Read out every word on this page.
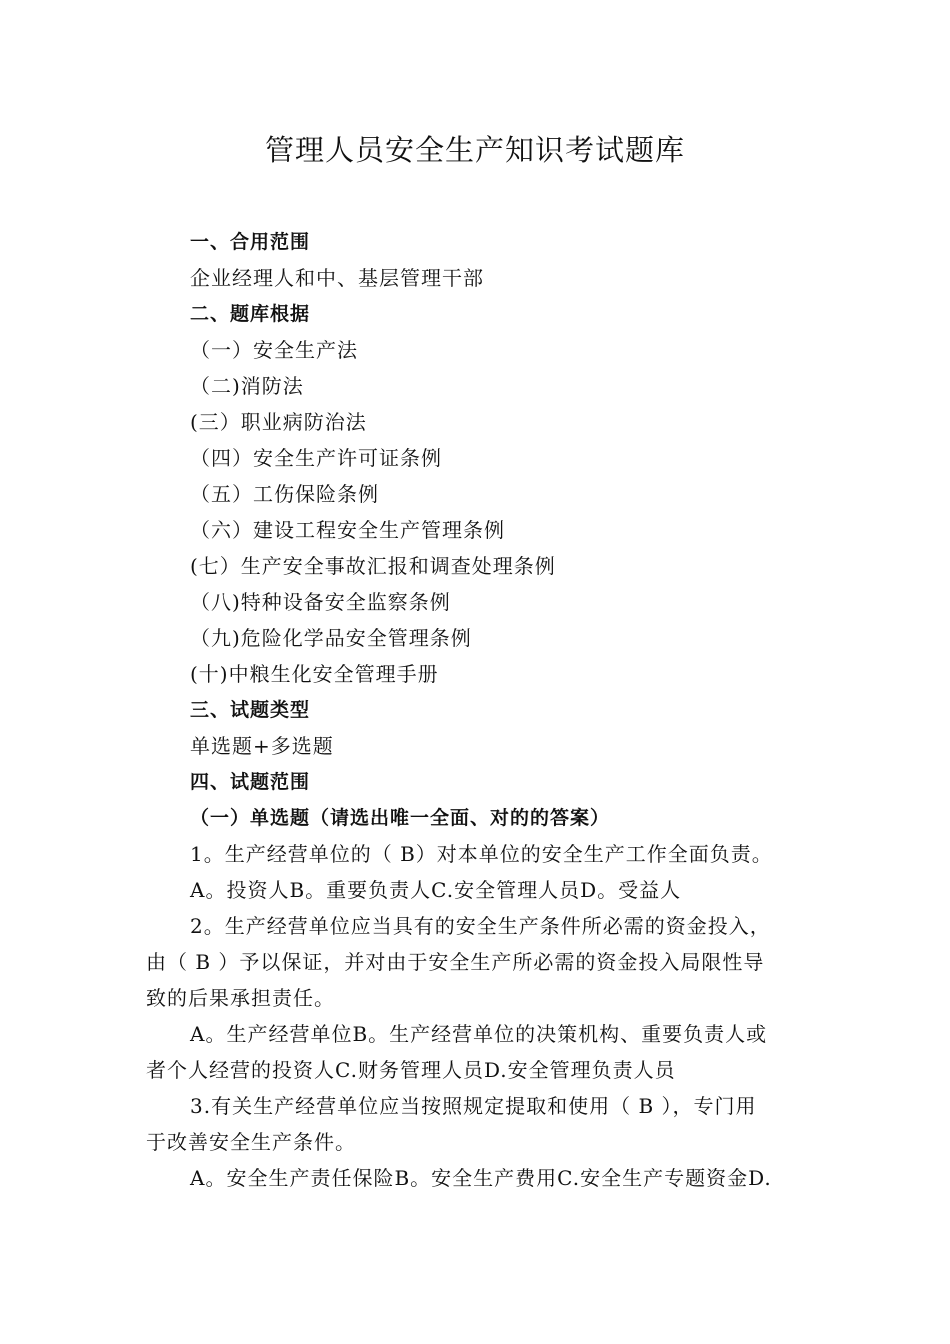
管理人员安全生产知识考试题库
一、合用范围
企业经理人和中、基层管理干部
二、题库根据
（一）安全生产法
（二)消防法
(三）职业病防治法
（四）安全生产许可证条例
（五）工伤保险条例
（六）建设工程安全生产管理条例
(七）生产安全事故汇报和调查处理条例
（八)特种设备安全监察条例
（九)危险化学品安全管理条例
(十)中粮生化安全管理手册
三、试题类型
单选题+多选题
四、试题范围
（一）单选题（请选出唯一全面、对的的答案）
1。生产经营单位的（ B）对本单位的安全生产工作全面负责。
A。投资人B。重要负责人C.安全管理人员D。受益人
2。生产经营单位应当具有的安全生产条件所必需的资金投入，
由（ B ）予以保证，并对由于安全生产所必需的资金投入局限性导
致的后果承担责任。
A。生产经营单位B。生产经营单位的决策机构、重要负责人或
者个人经营的投资人C.财务管理人员D.安全管理负责人员
3.有关生产经营单位应当按照规定提取和使用（ B ），专门用
于改善安全生产条件。
A。安全生产责任保险B。安全生产费用C.安全生产专题资金D.
